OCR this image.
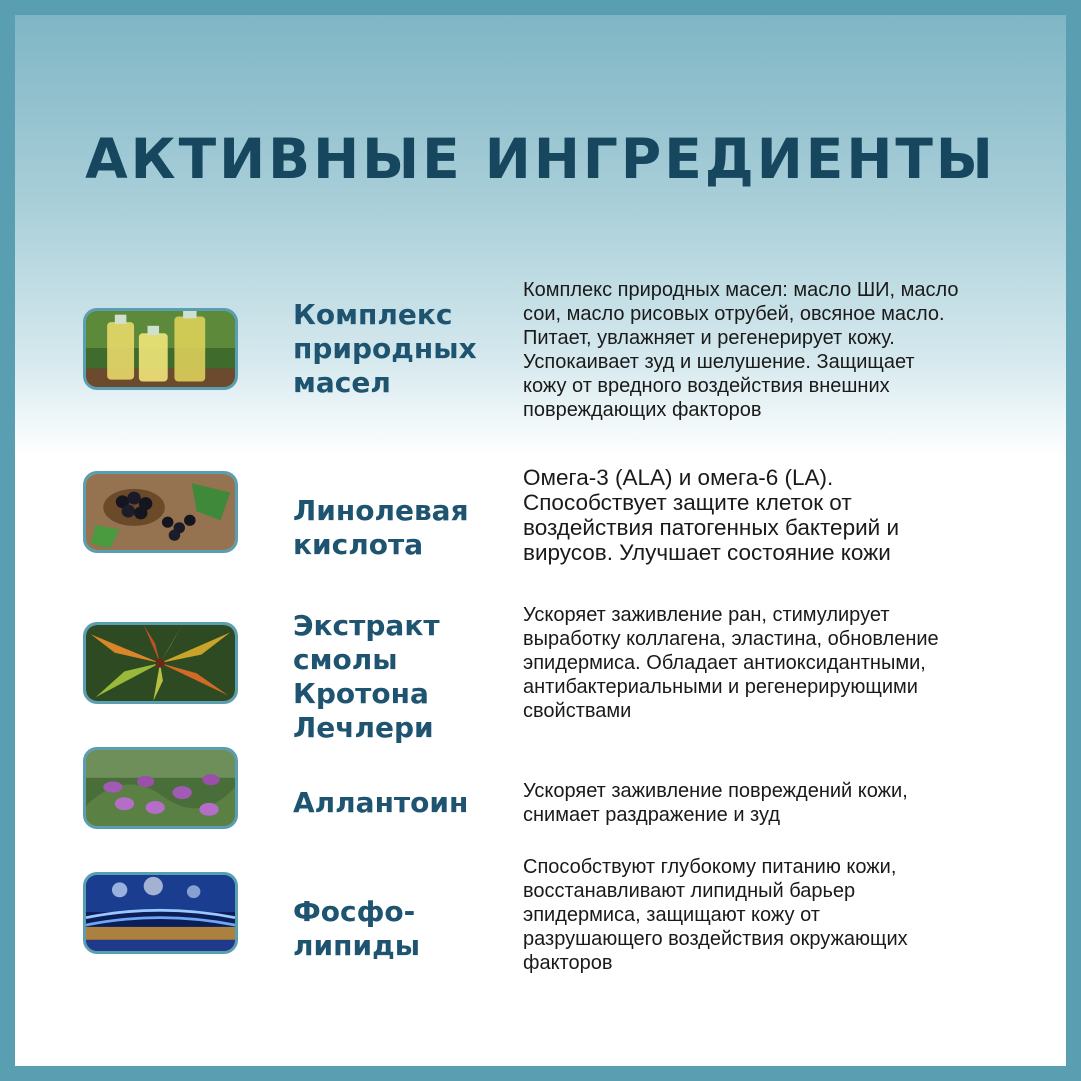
АКТИВНЫЕ ИНГРЕДИЕНТЫ
Комплекс
природных
масел
Комплекс природных масел: масло ШИ, масло
сои, масло рисовых отрубей, овсяное масло.
Питает, увлажняет и регенерирует кожу.
Успокаивает зуд и шелушение. Защищает
кожу от вредного воздействия внешних
повреждающих факторов
Линолевая
кислота
Омега-3 (ALA) и омега-6 (LA).
Способствует защите клеток от
воздействия патогенных бактерий и
вирусов. Улучшает состояние кожи
Экстракт
смолы
Кротона
Лечлери
Ускоряет заживление ран, стимулирует
выработку коллагена, эластина, обновление
эпидермиса. Обладает антиоксидантными,
антибактериальными и регенерирующими
свойствами
Аллантоин	Ускоряет заживление повреждений кожи,
снимает раздражение и зуд
Фосфо-
липиды
Способствуют глубокому питанию кожи,
восстанавливают липидный барьер
эпидермиса, защищают кожу от
разрушающего воздействия окружающих
факторов
